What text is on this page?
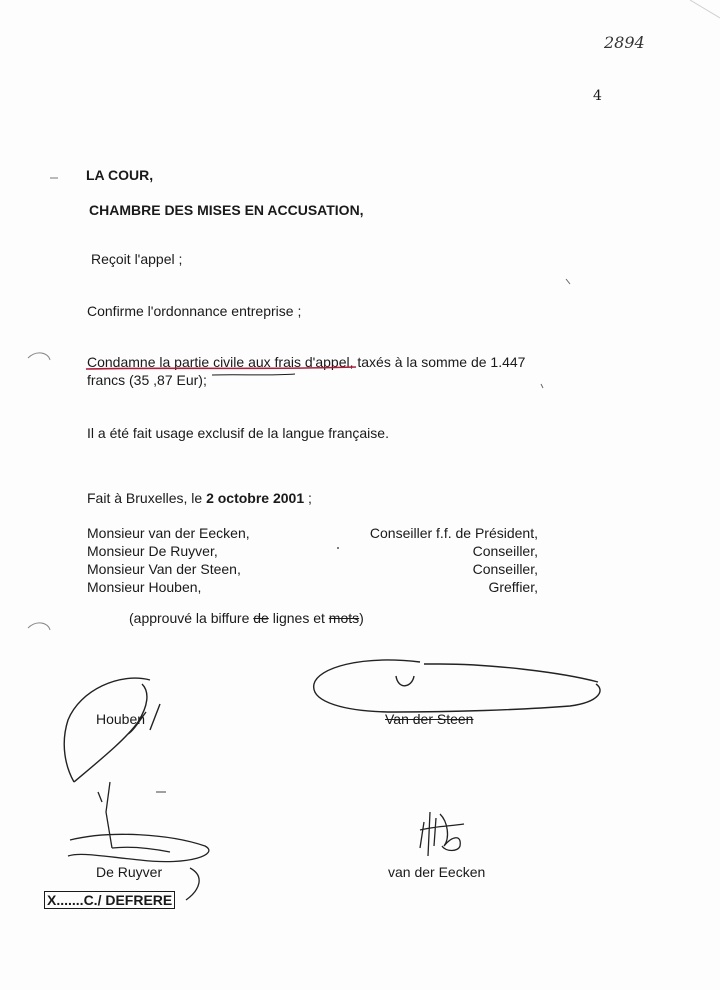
2894
4
LA COUR,
CHAMBRE DES MISES EN ACCUSATION,
Reçoit l'appel ;
Confirme l'ordonnance entreprise ;
Condamne la partie civile aux frais d'appel, taxés à la somme de 1.447
francs (35 ,87 Eur);
Il a été fait usage exclusif de la langue française.
Fait à Bruxelles, le 2 octobre 2001 ;
Monsieur van der Eecken,	Conseiller f.f. de Président,
Monsieur De Ruyver,	Conseiller,
Monsieur Van der Steen,	Conseiller,
Monsieur Houben,	Greffier,
(approuvé la biffure de lignes et mots)
Houben	Van der Steen
De Ruyver	van der Eecken
X.......C./ DEFRERE
